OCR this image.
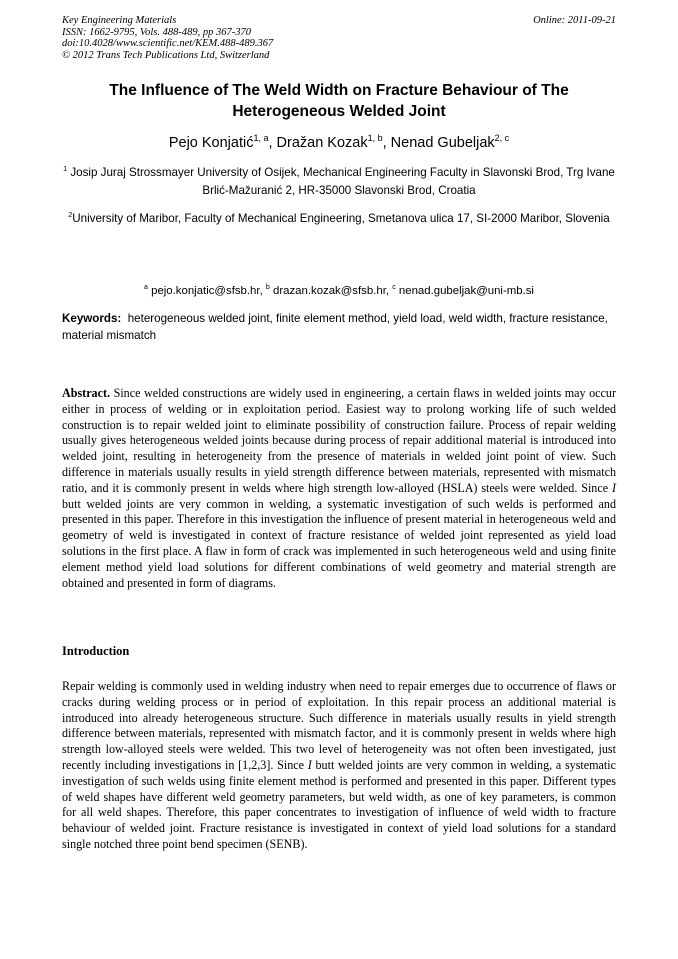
Key Engineering Materials
ISSN: 1662-9795, Vols. 488-489, pp 367-370
doi:10.4028/www.scientific.net/KEM.488-489.367
© 2012 Trans Tech Publications Ltd, Switzerland
Online: 2011-09-21
The Influence of The Weld Width on Fracture Behaviour of The Heterogeneous Welded Joint
Pejo Konjatić$^{1, a}$, Dražan Kozak$^{1, b}$, Nenad Gubeljak$^{2, c}$
$^1$ Josip Juraj Strossmayer University of Osijek, Mechanical Engineering Faculty in Slavonski Brod, Trg Ivane Brlić-Mažuranić 2, HR-35000 Slavonski Brod, Croatia
$^2$University of Maribor, Faculty of Mechanical Engineering, Smetanova ulica 17, SI-2000 Maribor, Slovenia
$^a$ pejo.konjatic@sfsb.hr, $^b$ drazan.kozak@sfsb.hr, $^c$ nenad.gubeljak@uni-mb.si
Keywords: heterogeneous welded joint, finite element method, yield load, weld width, fracture resistance, material mismatch
Abstract. Since welded constructions are widely used in engineering, a certain flaws in welded joints may occur either in process of welding or in exploitation period. Easiest way to prolong working life of such welded construction is to repair welded joint to eliminate possibility of construction failure. Process of repair welding usually gives heterogeneous welded joints because during process of repair additional material is introduced into welded joint, resulting in heterogeneity from the presence of materials in welded joint point of view. Such difference in materials usually results in yield strength difference between materials, represented with mismatch ratio, and it is commonly present in welds where high strength low-alloyed (HSLA) steels were welded. Since I butt welded joints are very common in welding, a systematic investigation of such welds is performed and presented in this paper. Therefore in this investigation the influence of present material in heterogeneous weld and geometry of weld is investigated in context of fracture resistance of welded joint represented as yield load solutions in the first place. A flaw in form of crack was implemented in such heterogeneous weld and using finite element method yield load solutions for different combinations of weld geometry and material strength are obtained and presented in form of diagrams.
Introduction
Repair welding is commonly used in welding industry when need to repair emerges due to occurrence of flaws or cracks during welding process or in period of exploitation. In this repair process an additional material is introduced into already heterogeneous structure. Such difference in materials usually results in yield strength difference between materials, represented with mismatch factor, and it is commonly present in welds where high strength low-alloyed steels were welded. This two level of heterogeneity was not often been investigated, just recently including investigations in [1,2,3]. Since I butt welded joints are very common in welding, a systematic investigation of such welds using finite element method is performed and presented in this paper. Different types of weld shapes have different weld geometry parameters, but weld width, as one of key parameters, is common for all weld shapes. Therefore, this paper concentrates to investigation of influence of weld width to fracture behaviour of welded joint. Fracture resistance is investigated in context of yield load solutions for a standard single notched three point bend specimen (SENB).
